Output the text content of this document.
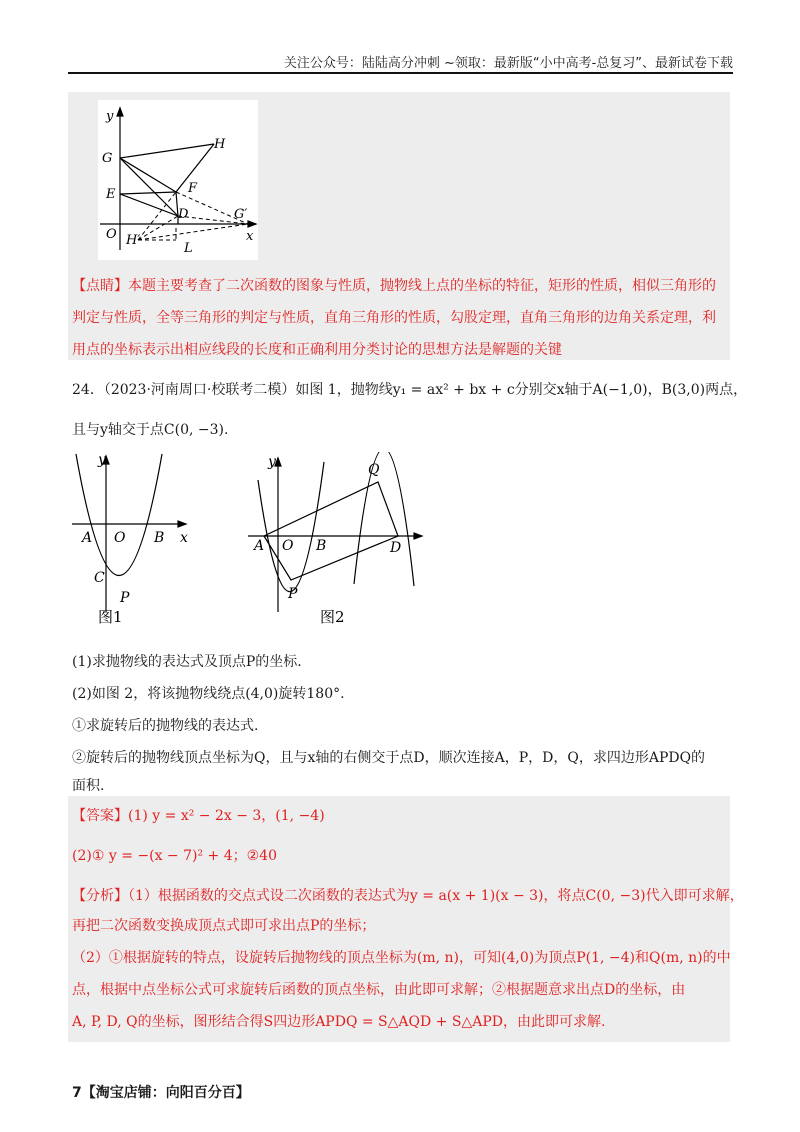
关注公众号：陆陆高分冲刺 ~领取：最新版“小中高考-总复习”、最新试卷下载
y
G
H
E	F
D	G′
O H′
L
x
【点睛】本题主要考查了二次函数的图象与性质，抛物线上点的坐标的特征，矩形的性质，相似三角形的
判定与性质，全等三角形的判定与性质，直角三角形的性质，勾股定理，直角三角形的边角关系定理，利
用点的坐标表示出相应线段的长度和正确利用分类讨论的思想方法是解题的关键
24．（2023·河南周口·校联考二模）如图 1，抛物线y₁ = ax² + bx + c分别交x轴于A(−1,0)，B(3,0)两点，
且与y轴交于点C(0, −3).
y
A O B x
C
P
图1
y	Q
A O B	D
P
图2
(1)求抛物线的表达式及顶点P的坐标.
(2)如图 2，将该抛物线绕点(4,0)旋转180°.
①求旋转后的抛物线的表达式.
②旋转后的抛物线顶点坐标为Q，且与x轴的右侧交于点D，顺次连接A，P，D，Q，求四边形APDQ的
面积.
【答案】(1) y = x² − 2x − 3，(1, −4)
(2)① y = −(x − 7)² + 4；②40
【分析】（1）根据函数的交点式设二次函数的表达式为y = a(x + 1)(x − 3)，将点C(0, −3)代入即可求解，
再把二次函数变换成顶点式即可求出点P的坐标；
（2）①根据旋转的特点，设旋转后抛物线的顶点坐标为(m, n)，可知(4,0)为顶点P(1, −4)和Q(m, n)的中
点，根据中点坐标公式可求旋转后函数的顶点坐标，由此即可求解；②根据题意求出点D的坐标，由
A, P, D, Q的坐标，图形结合得S四边形APDQ = S△AQD + S△APD，由此即可求解.
7【淘宝店铺：向阳百分百】
